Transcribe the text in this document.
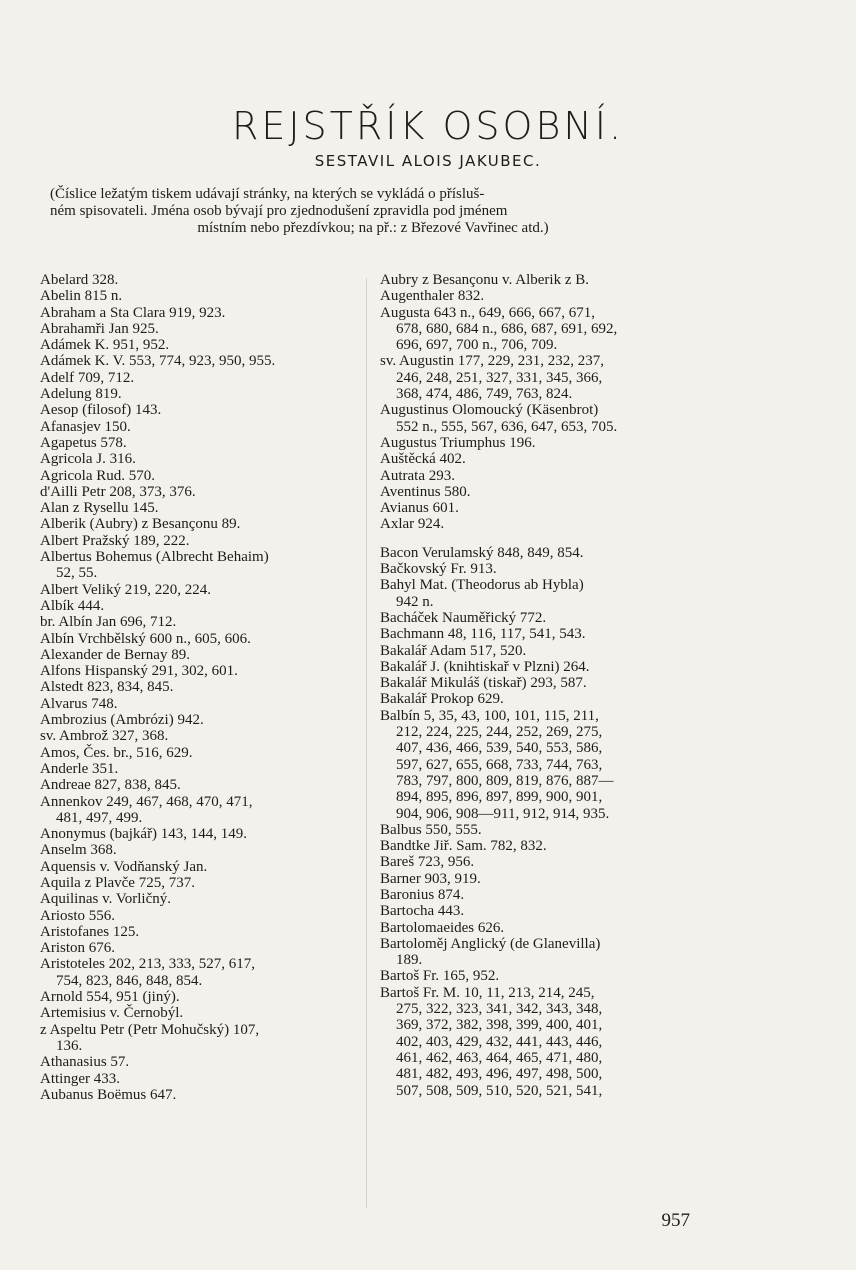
REJSTŘÍK OSOBNÍ.
SESTAVIL ALOIS JAKUBEC.
(Číslice ležatým tiskem udávají stránky, na kterých se vykládá o přísluš-
ném spisovateli. Jména osob bývají pro zjednodušení zpravidla pod jménem
místním nebo přezdívkou; na př.: z Březové Vavřinec atd.)
Abelard 328.
Abelin 815 n.
Abraham a Sta Clara 919, 923.
Abrahamři Jan 925.
Adámek K. 951, 952.
Adámek K. V. 553, 774, 923, 950, 955.
Adelf 709, 712.
Adelung 819.
Aesop (filosof) 143.
Afanasjev 150.
Agapetus 578.
Agricola J. 316.
Agricola Rud. 570.
d'Ailli Petr 208, 373, 376.
Alan z Rysellu 145.
Alberik (Aubry) z Besançonu 89.
Albert Pražský 189, 222.
Albertus Bohemus (Albrecht Behaim)
52, 55.
Albert Veliký 219, 220, 224.
Albík 444.
br. Albín Jan 696, 712.
Albín Vrchbělský 600 n., 605, 606.
Alexander de Bernay 89.
Alfons Hispanský 291, 302, 601.
Alstedt 823, 834, 845.
Alvarus 748.
Ambrozius (Ambrózi) 942.
sv. Ambrož 327, 368.
Amos, Čes. br., 516, 629.
Anderle 351.
Andreae 827, 838, 845.
Annenkov 249, 467, 468, 470, 471,
481, 497, 499.
Anonymus (bajkář) 143, 144, 149.
Anselm 368.
Aquensis v. Vodňanský Jan.
Aquila z Plavče 725, 737.
Aquilinas v. Vorličný.
Ariosto 556.
Aristofanes 125.
Ariston 676.
Aristoteles 202, 213, 333, 527, 617,
754, 823, 846, 848, 854.
Arnold 554, 951 (jiný).
Artemisius v. Černobýl.
z Aspeltu Petr (Petr Mohučský) 107,
136.
Athanasius 57.
Attinger 433.
Aubanus Boëmus 647.
Aubry z Besançonu v. Alberik z B.
Augenthaler 832.
Augusta 643 n., 649, 666, 667, 671,
678, 680, 684 n., 686, 687, 691, 692,
696, 697, 700 n., 706, 709.
sv. Augustin 177, 229, 231, 232, 237,
246, 248, 251, 327, 331, 345, 366,
368, 474, 486, 749, 763, 824.
Augustinus Olomoucký (Käsenbrot)
552 n., 555, 567, 636, 647, 653, 705.
Augustus Triumphus 196.
Auštěcká 402.
Autrata 293.
Aventinus 580.
Avianus 601.
Axlar 924.
Bacon Verulamský 848, 849, 854.
Bačkovský Fr. 913.
Bahyl Mat. (Theodorus ab Hybla)
942 n.
Bacháček Nauměřický 772.
Bachmann 48, 116, 117, 541, 543.
Bakalář Adam 517, 520.
Bakalář J. (knihtiskař v Plzni) 264.
Bakalář Mikuláš (tiskař) 293, 587.
Bakalář Prokop 629.
Balbín 5, 35, 43, 100, 101, 115, 211,
212, 224, 225, 244, 252, 269, 275,
407, 436, 466, 539, 540, 553, 586,
597, 627, 655, 668, 733, 744, 763,
783, 797, 800, 809, 819, 876, 887—
894, 895, 896, 897, 899, 900, 901,
904, 906, 908—911, 912, 914, 935.
Balbus 550, 555.
Bandtke Jiř. Sam. 782, 832.
Bareš 723, 956.
Barner 903, 919.
Baronius 874.
Bartocha 443.
Bartolomaeides 626.
Bartoloměj Anglický (de Glanevilla)
189.
Bartoš Fr. 165, 952.
Bartoš Fr. M. 10, 11, 213, 214, 245,
275, 322, 323, 341, 342, 343, 348,
369, 372, 382, 398, 399, 400, 401,
402, 403, 429, 432, 441, 443, 446,
461, 462, 463, 464, 465, 471, 480,
481, 482, 493, 496, 497, 498, 500,
507, 508, 509, 510, 520, 521, 541,
957
